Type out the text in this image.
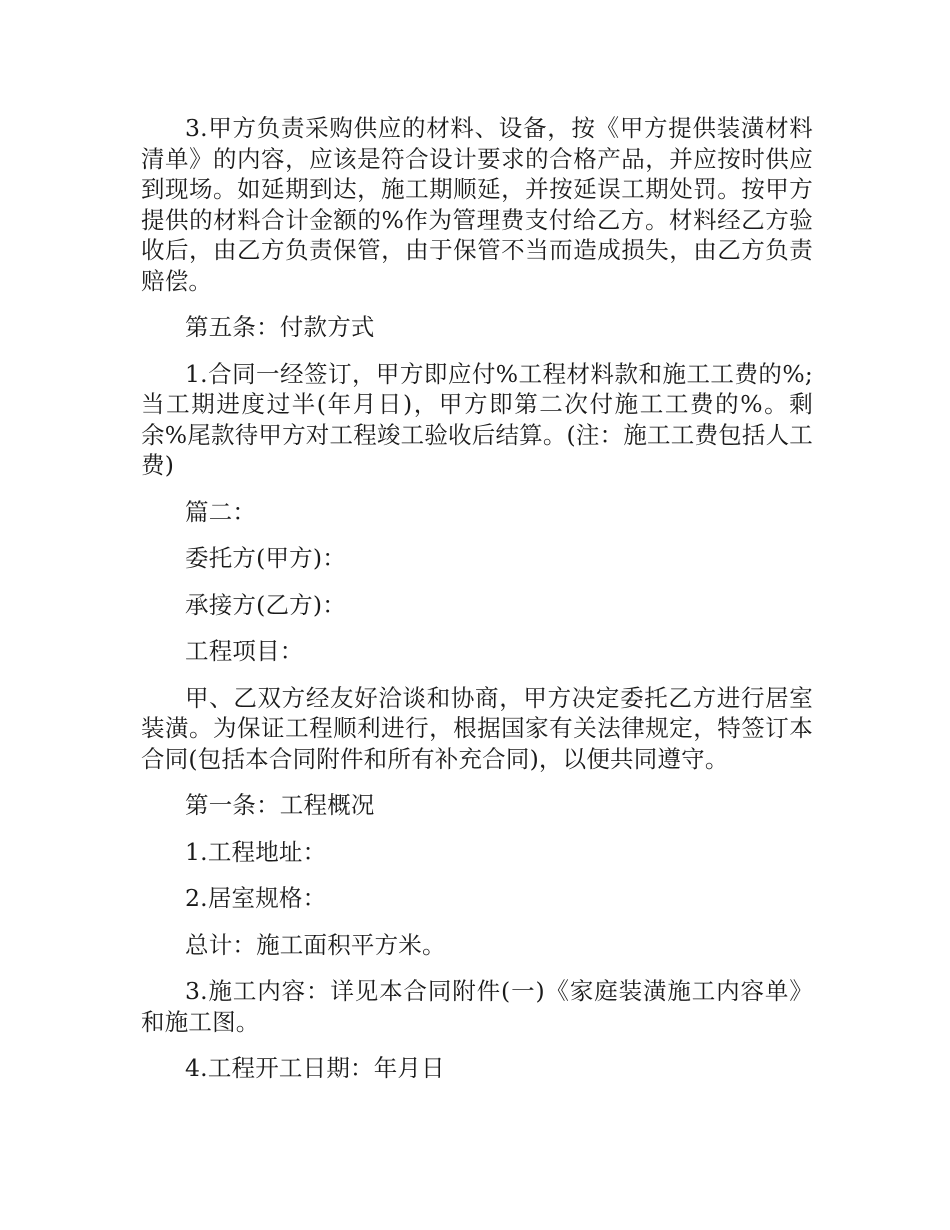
3.甲方负责采购供应的材料、设备，按《甲方提供装潢材料清单》的内容，应该是符合设计要求的合格产品，并应按时供应到现场。如延期到达，施工期顺延，并按延误工期处罚。按甲方提供的材料合计金额的%作为管理费支付给乙方。材料经乙方验收后，由乙方负责保管，由于保管不当而造成损失，由乙方负责赔偿。

第五条：付款方式

1.合同一经签订，甲方即应付%工程材料款和施工工费的%;当工期进度过半(年月日)，甲方即第二次付施工工费的%。剩余%尾款待甲方对工程竣工验收后结算。(注：施工工费包括人工费)

篇二：

委托方(甲方)：

承接方(乙方)：

工程项目：

甲、乙双方经友好洽谈和协商，甲方决定委托乙方进行居室装潢。为保证工程顺利进行，根据国家有关法律规定，特签订本合同(包括本合同附件和所有补充合同)，以便共同遵守。

第一条：工程概况

1.工程地址：

2.居室规格：

总计：施工面积平方米。

3.施工内容：详见本合同附件(一)《家庭装潢施工内容单》和施工图。

4.工程开工日期：年月日
